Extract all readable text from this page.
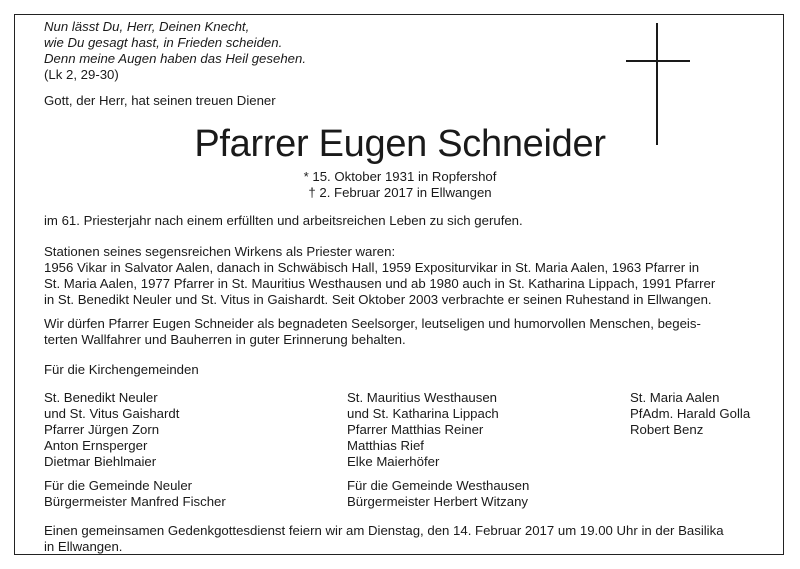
Nun lässt Du, Herr, Deinen Knecht,
wie Du gesagt hast, in Frieden scheiden.
Denn meine Augen haben das Heil gesehen.
(Lk 2, 29-30)
Gott, der Herr, hat seinen treuen Diener
Pfarrer Eugen Schneider
* 15. Oktober 1931 in Ropfershof
† 2. Februar 2017 in Ellwangen
im 61. Priesterjahr nach einem erfüllten und arbeitsreichen Leben zu sich gerufen.
Stationen seines segensreichen Wirkens als Priester waren:
1956 Vikar in Salvator Aalen, danach in Schwäbisch Hall, 1959 Expositurvikar in St. Maria Aalen, 1963 Pfarrer in
St. Maria Aalen, 1977 Pfarrer in St. Mauritius Westhausen und ab 1980 auch in St. Katharina Lippach, 1991 Pfarrer
in St. Benedikt Neuler und St. Vitus in Gaishardt. Seit Oktober 2003 verbrachte er seinen Ruhestand in Ellwangen.
Wir dürfen Pfarrer Eugen Schneider als begnadeten Seelsorger, leutseligen und humorvollen Menschen, begeis-
terten Wallfahrer und Bauherren in guter Erinnerung behalten.
Für die Kirchengemeinden
St. Benedikt Neuler
und St. Vitus Gaishardt
Pfarrer Jürgen Zorn
Anton Ernsperger
Dietmar Biehlmaier
St. Mauritius Westhausen
und St. Katharina Lippach
Pfarrer Matthias Reiner
Matthias Rief
Elke Maierhöfer
St. Maria Aalen
PfAdm. Harald Golla
Robert Benz
Für die Gemeinde Neuler
Bürgermeister Manfred Fischer
Für die Gemeinde Westhausen
Bürgermeister Herbert Witzany
Einen gemeinsamen Gedenkgottesdienst feiern wir am Dienstag, den 14. Februar 2017 um 19.00 Uhr in der Basilika
in Ellwangen.
